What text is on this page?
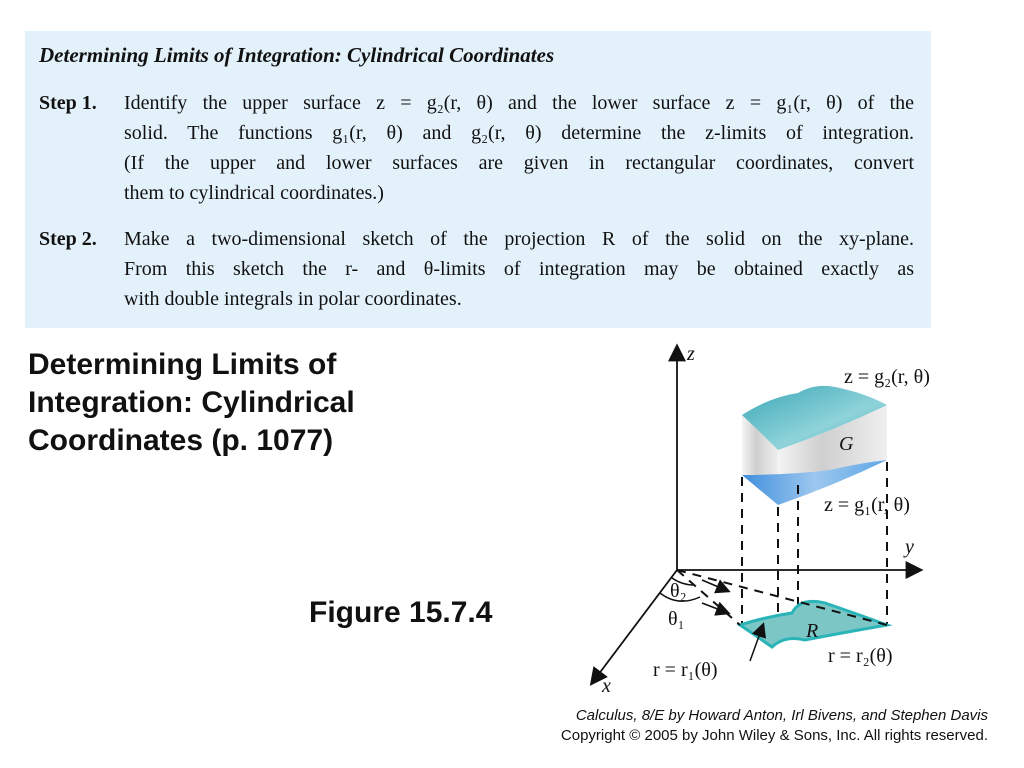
Determining Limits of Integration: Cylindrical Coordinates
Step 1. Identify the upper surface z = g₂(r, θ) and the lower surface z = g₁(r, θ) of the
solid. The functions g₁(r, θ) and g₂(r, θ) determine the z-limits of integration.
(If the upper and lower surfaces are given in rectangular coordinates, convert
them to cylindrical coordinates.)
Step 2. Make a two-dimensional sketch of the projection R of the solid on the xy-plane.
From this sketch the r- and θ-limits of integration may be obtained exactly as
with double integrals in polar coordinates.
Determining Limits of
Integration: Cylindrical
Coordinates (p. 1077)
Figure 15.7.4
z
y
x
z = g₂(r, θ)
G
z = g₁(r, θ)
θ₂
θ₁
R
r = r₁(θ)
r = r₂(θ)
Calculus, 8/E by Howard Anton, Irl Bivens, and Stephen Davis
Copyright © 2005 by John Wiley & Sons, Inc. All rights reserved.
